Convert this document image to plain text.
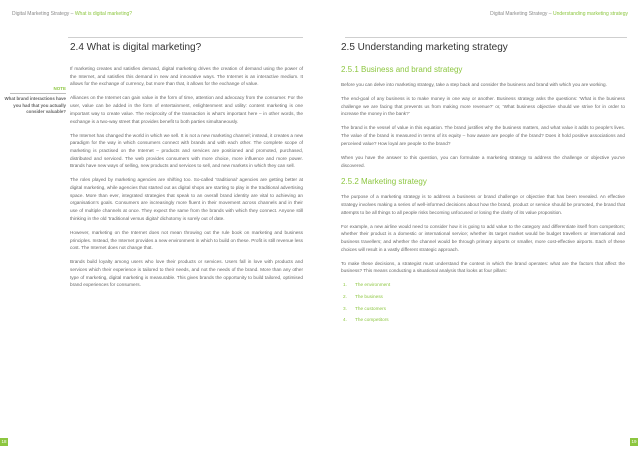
Digital Marketing Strategy – What is digital marketing?
NOTE
What brand interactions have you had that you actually consider valuable?
2.4 What is digital marketing?

If marketing creates and satisfies demand, digital marketing drives the creation of demand using the power of the Internet, and satisfies this demand in new and innovative ways. The Internet is an interactive medium. It allows for the exchange of currency, but more than that, it allows for the exchange of value.

Alliances on the Internet can gain value in the form of time, attention and advocacy from the consumer. For the user, value can be added in the form of entertainment, enlightenment and utility: content marketing is one important way to create value. The reciprocity of the transaction is what’s important here – in other words, the exchange is a two-way street that provides benefit to both parties simultaneously.

The Internet has changed the world in which we sell. It is not a new marketing channel; instead, it creates a new paradigm for the way in which consumers connect with brands and with each other. The complete scope of marketing is practised on the Internet – products and services are positioned and promoted, purchased, distributed and serviced. The web provides consumers with more choice, more influence and more power. Brands have new ways of selling, new products and services to sell, and new markets in which they can sell.

The roles played by marketing agencies are shifting too. So-called ‘traditional’ agencies are getting better at digital marketing, while agencies that started out as digital shops are starting to play in the traditional advertising space. More than ever, integrated strategies that speak to an overall brand identity are vital to achieving an organisation’s goals. Consumers are increasingly more fluent in their movement across channels and in their use of multiple channels at once. They expect the same from the brands with which they connect. Anyone still thinking in the old ‘traditional versus digital’ dichotomy is sorely out of date.

However, marketing on the Internet does not mean throwing out the rule book on marketing and business principles. Instead, the Internet provides a new environment in which to build on these. Profit is still revenue less cost. The Internet does not change that.

Brands build loyalty among users who love their products or services. Users fall in love with products and services which their experience is tailored to their needs, and not the needs of the brand. More than any other type of marketing, digital marketing is measurable. This gives brands the opportunity to build tailored, optimised brand experiences for consumers.

18
Digital Marketing Strategy – Understanding marketing strategy
2.5 Understanding marketing strategy
2.5.1 Business and brand strategy

Before you can delve into marketing strategy, take a step back and consider the business and brand with which you are working.

The end-goal of any business is to make money in one way or another. Business strategy asks the questions: ‘What is the business challenge we are facing that prevents us from making more revenue?’ or, ‘What business objective should we strive for in order to increase the money in the bank?’

The brand is the vessel of value in this equation. The brand justifies why the business matters, and what value it adds to people’s lives. The value of the brand is measured in terms of its equity – how aware are people of the brand? Does it hold positive associations and perceived value? How loyal are people to the brand?

When you have the answer to this question, you can formulate a marketing strategy to address the challenge or objective you’ve discovered.

2.5.2 Marketing strategy

The purpose of a marketing strategy is to address a business or brand challenge or objective that has been revealed. An effective strategy involves making a series of well-informed decisions about how the brand, product or service should be promoted, the brand that attempts to be all things to all people risks becoming unfocused or losing the clarity of its value proposition.

For example, a new airline would need to consider how it is going to add value to the category and differentiate itself from competitors; whether their product is a domestic or international service; whether its target market would be budget travellers or international and business travellers; and whether the channel would be through primary airports or smaller, more cost-effective airports. Each of these choices will result in a vastly different strategic approach.

To make these decisions, a strategist must understand the context in which the brand operates: what are the factors that affect the business? This means conducting a situational analysis that looks at four pillars:

1.	The environment
2.	The business
3.	The customers
4.	The competitors
19
